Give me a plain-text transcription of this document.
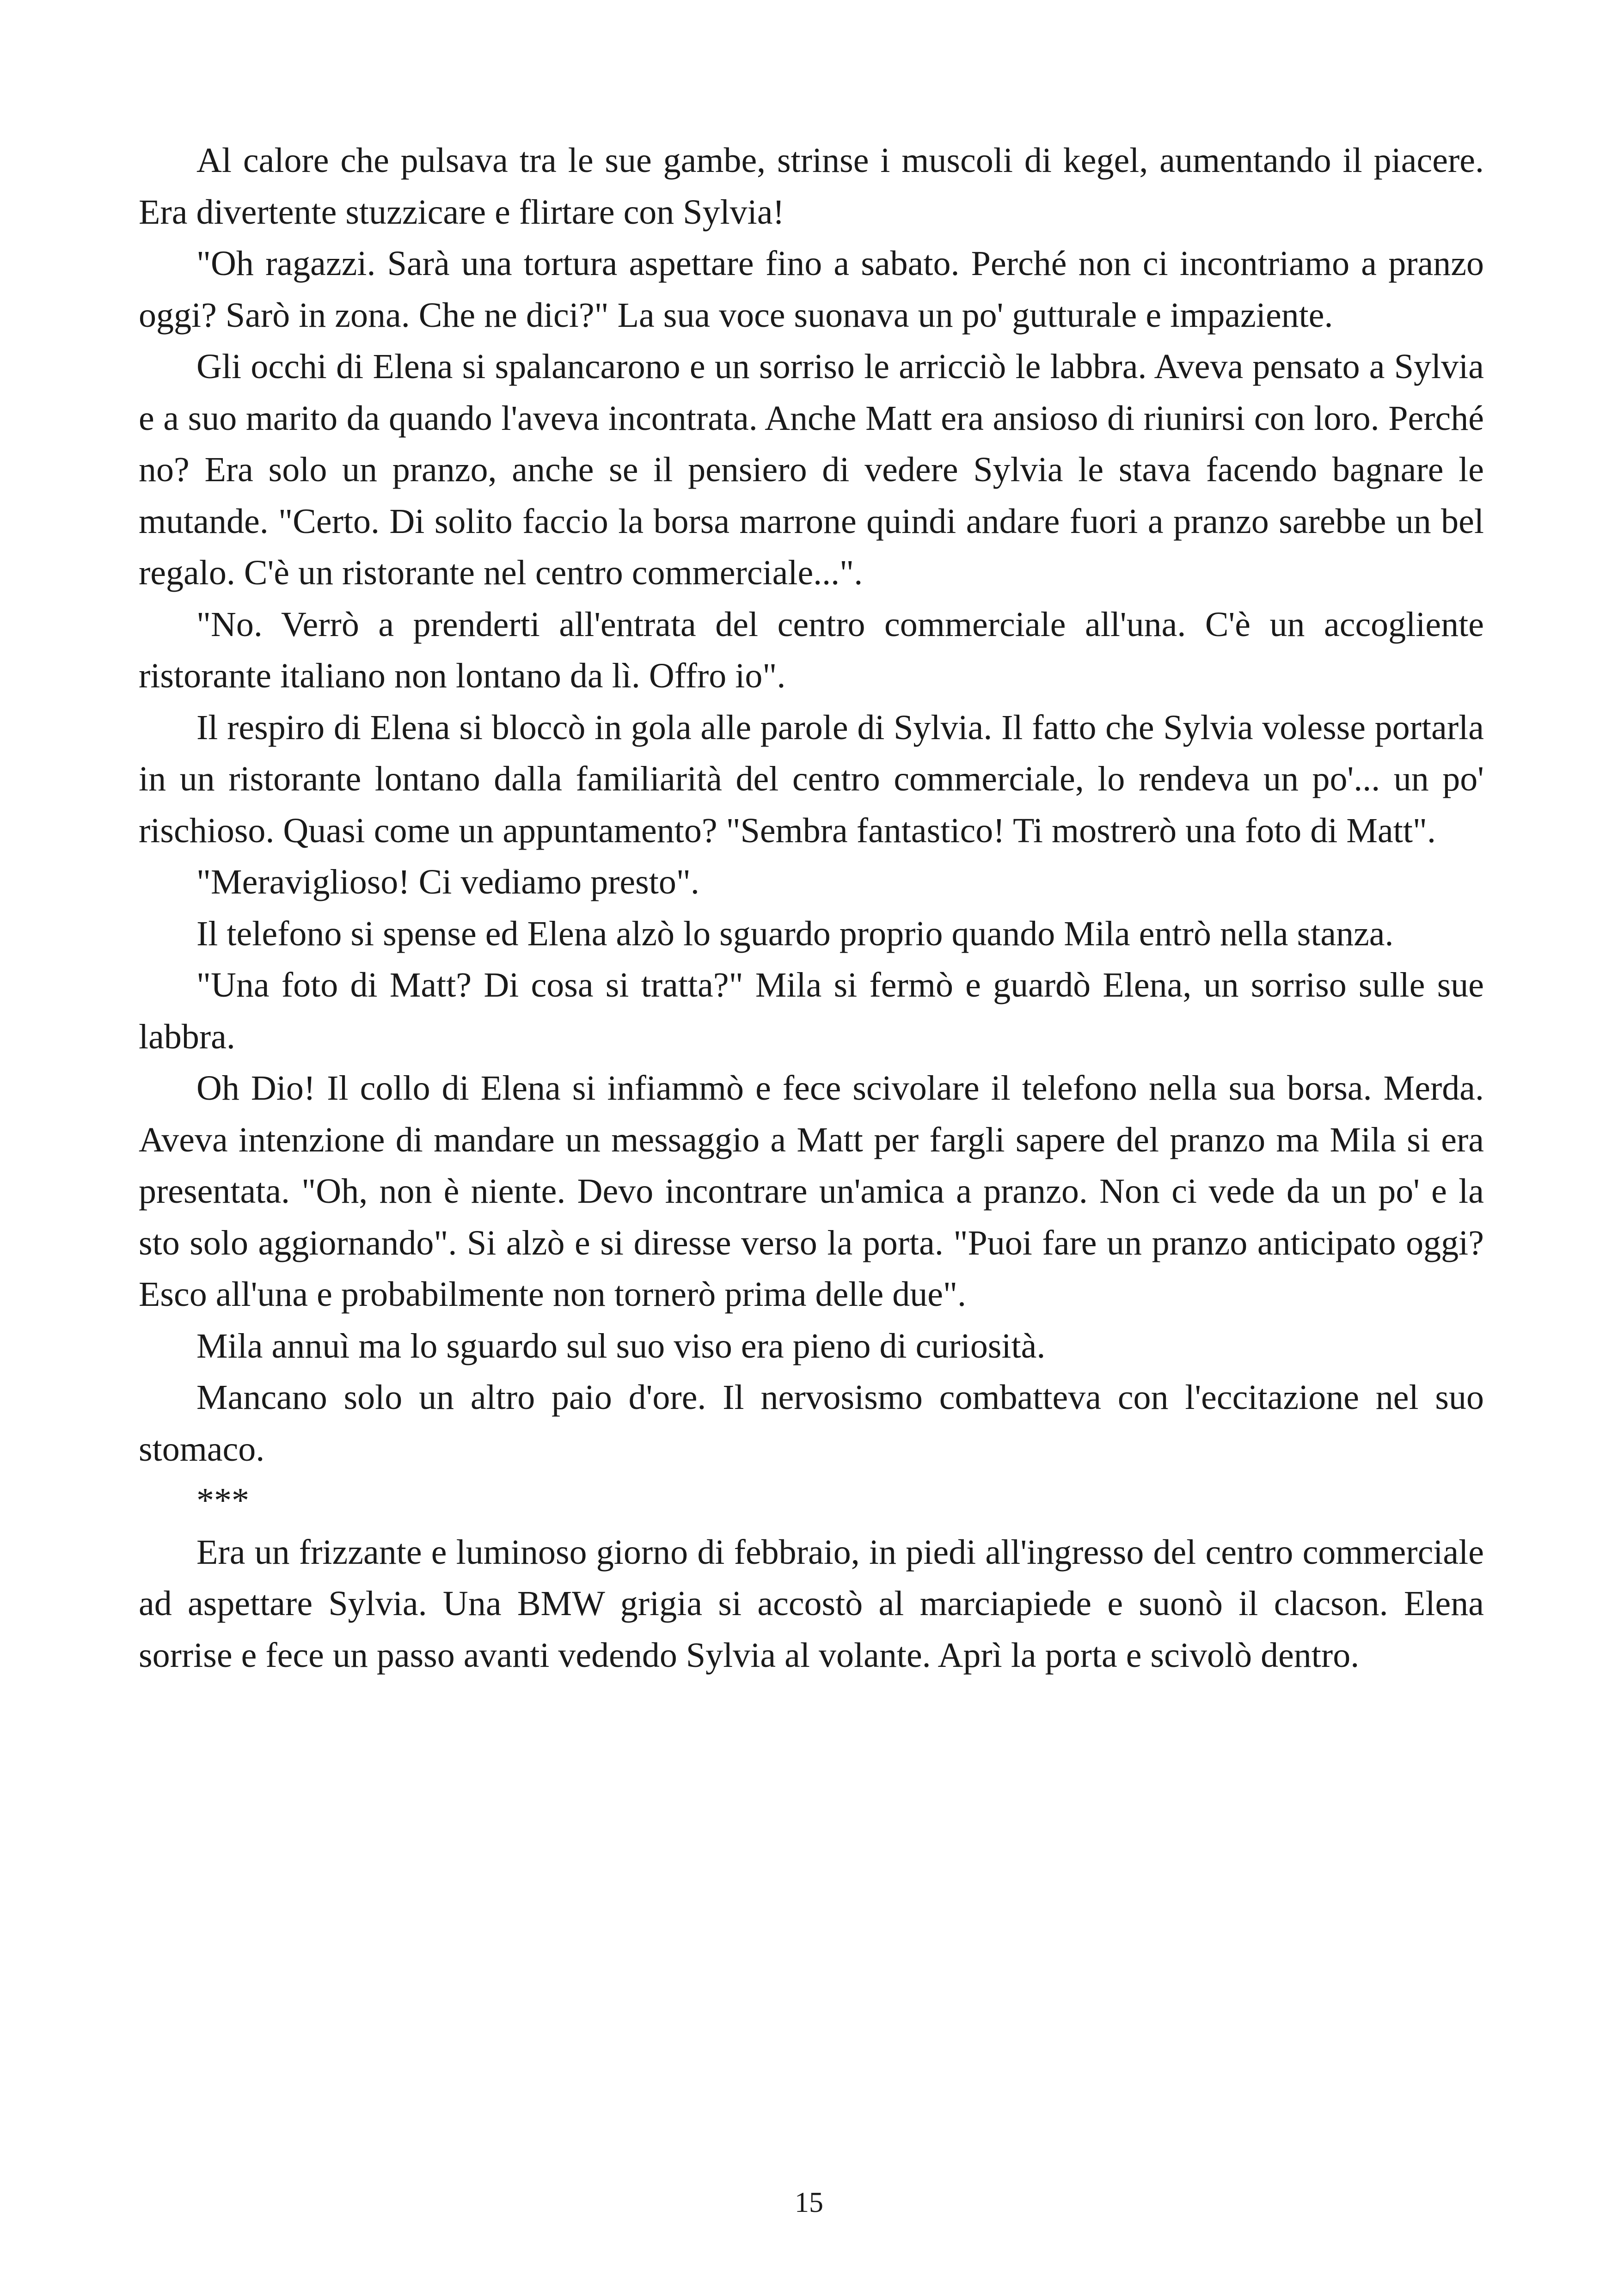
Al calore che pulsava tra le sue gambe, strinse i muscoli di kegel, aumentando il piacere. Era divertente stuzzicare e flirtare con Sylvia!

"Oh ragazzi. Sarà una tortura aspettare fino a sabato. Perché non ci incontriamo a pranzo oggi? Sarò in zona. Che ne dici?" La sua voce suonava un po' gutturale e impaziente.

Gli occhi di Elena si spalancarono e un sorriso le arricciò le labbra. Aveva pensato a Sylvia e a suo marito da quando l'aveva incontrata. Anche Matt era ansioso di riunirsi con loro. Perché no? Era solo un pranzo, anche se il pensiero di vedere Sylvia le stava facendo bagnare le mutande. "Certo. Di solito faccio la borsa marrone quindi andare fuori a pranzo sarebbe un bel regalo. C'è un ristorante nel centro commerciale...".

"No. Verrò a prenderti all'entrata del centro commerciale all'una. C'è un accogliente ristorante italiano non lontano da lì. Offro io".

Il respiro di Elena si bloccò in gola alle parole di Sylvia. Il fatto che Sylvia volesse portarla in un ristorante lontano dalla familiarità del centro commerciale, lo rendeva un po'... un po' rischioso. Quasi come un appuntamento? "Sembra fantastico! Ti mostrerò una foto di Matt".

"Meraviglioso! Ci vediamo presto".

Il telefono si spense ed Elena alzò lo sguardo proprio quando Mila entrò nella stanza.

"Una foto di Matt? Di cosa si tratta?" Mila si fermò e guardò Elena, un sorriso sulle sue labbra.

Oh Dio! Il collo di Elena si infiammò e fece scivolare il telefono nella sua borsa. Merda. Aveva intenzione di mandare un messaggio a Matt per fargli sapere del pranzo ma Mila si era presentata. "Oh, non è niente. Devo incontrare un'amica a pranzo. Non ci vede da un po' e la sto solo aggiornando". Si alzò e si diresse verso la porta. "Puoi fare un pranzo anticipato oggi? Esco all'una e probabilmente non tornerò prima delle due".

Mila annuì ma lo sguardo sul suo viso era pieno di curiosità.

Mancano solo un altro paio d'ore. Il nervosismo combatteva con l'eccitazione nel suo stomaco.

***

Era un frizzante e luminoso giorno di febbraio, in piedi all'ingresso del centro commerciale ad aspettare Sylvia. Una BMW grigia si accostò al marciapiede e suonò il clacson. Elena sorrise e fece un passo avanti vedendo Sylvia al volante. Aprì la porta e scivolò dentro.

15
